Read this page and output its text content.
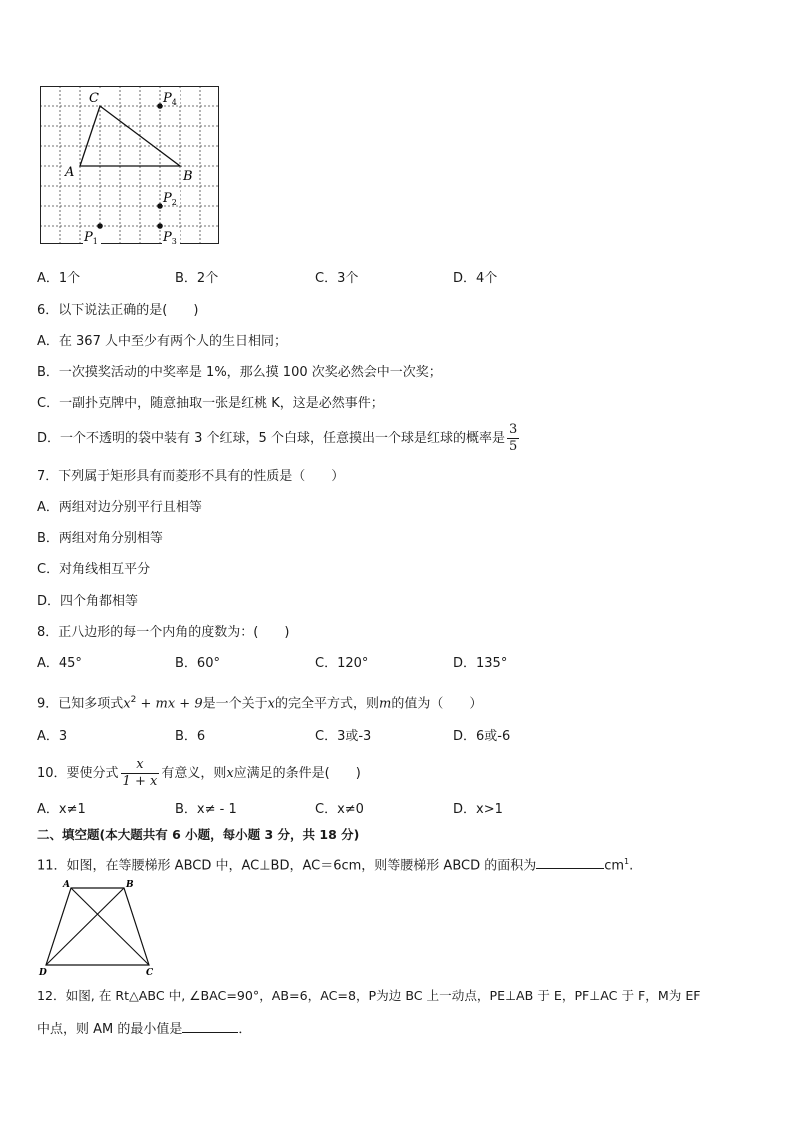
C
A	B
$P_4$
$P_2$
$P_3$
$P_1$
A．1个	B．2个	C．3个	D．4个
6．以下说法正确的是(　　)
A．在 367 人中至少有两个人的生日相同；
B．一次摸奖活动的中奖率是 1%，那么摸 100 次奖必然会中一次奖；
C．一副扑克牌中，随意抽取一张是红桃 K，这是必然事件；
D．一个不透明的袋中装有 3 个红球，5 个白球，任意摸出一个球是红球的概率是 $\frac{3}{5}$
7．下列属于矩形具有而菱形不具有的性质是（　　）
A．两组对边分别平行且相等
B．两组对角分别相等
C．对角线相互平分
D．四个角都相等
8．正八边形的每一个内角的度数为：(　　)
A．45°	B．60°	C．120°	D．135°
9．已知多项式$x^2$ + mx + 9是一个关于x的完全平方式，则m的值为（　　）
A．3	B．6	C．3或-3	D．6或-6
10．要使分式 $\frac{x}{1 + x}$ 有意义，则x应满足的条件是(　　)
A．x≠1	B．x≠ - 1	C．x≠0	D．x>1
二、填空题(本大题共有 6 小题，每小题 3 分，共 18 分)
11．如图，在等腰梯形 ABCD 中，AC⊥BD，AC＝6cm，则等腰梯形 ABCD 的面积为	$cm^1$.
A	B
C
D
12．如图, 在 Rt△ABC 中, ∠BAC=90°，AB=6，AC=8，P为边 BC 上一动点，PE⊥AB 于 E，PF⊥AC 于 F，M为 EF
中点，则 AM 的最小值是	．
